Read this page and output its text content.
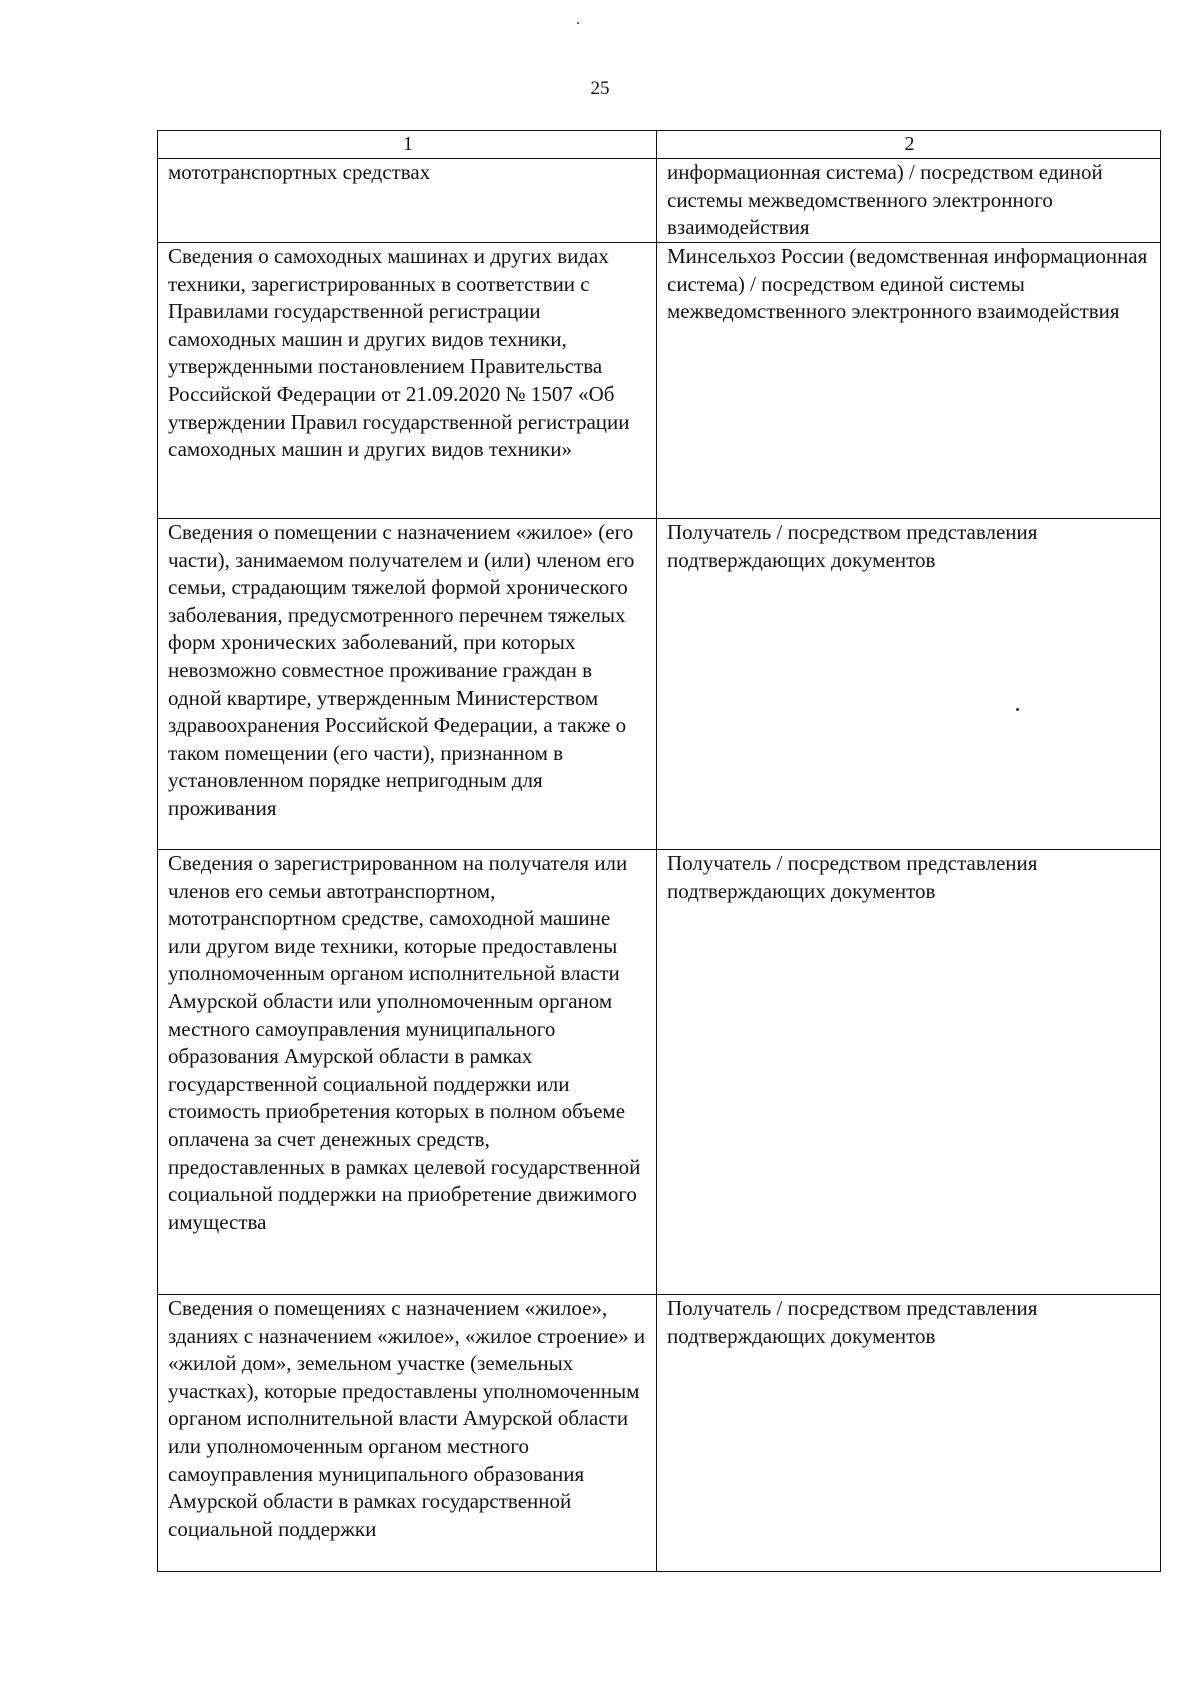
25
1	2
мототранспортных средствах	информационная система) / посредством единой системы межведомственного электронного взаимодействия
Сведения о самоходных машинах и других видах техники, зарегистрированных в соответствии с Правилами государственной регистрации самоходных машин и других видов техники, утвержденными постановлением Правительства Российской Федерации от 21.09.2020 № 1507 «Об утверждении Правил государственной регистрации самоходных машин и других видов техники»	Минсельхоз России (ведомственная информационная система) / посредством единой системы межведомственного электронного взаимодействия
Сведения о помещении с назначением «жилое» (его части), занимаемом получателем и (или) членом его семьи, страдающим тяжелой формой хронического заболевания, предусмотренного перечнем тяжелых форм хронических заболеваний, при которых невозможно совместное проживание граждан в одной квартире, утвержденным Министерством здравоохранения Российской Федерации, а также о таком помещении (его части), признанном в установленном порядке непригодным для проживания	Получатель / посредством представления подтверждающих документов
Сведения о зарегистрированном на получателя или членов его семьи автотранспортном, мототранспортном средстве, самоходной машине или другом виде техники, которые предоставлены уполномоченным органом исполнительной власти Амурской области или уполномоченным органом местного самоуправления муниципального образования Амурской области в рамках государственной социальной поддержки или стоимость приобретения которых в полном объеме оплачена за счет денежных средств, предоставленных в рамках целевой государственной социальной поддержки на приобретение движимого имущества	Получатель / посредством представления подтверждающих документов
Сведения о помещениях с назначением «жилое», зданиях с назначением «жилое», «жилое строение» и «жилой дом», земельном участке (земельных участках), которые предоставлены уполномоченным органом исполнительной власти Амурской области или уполномоченным органом местного самоуправления муниципального образования Амурской области в рамках государственной социальной поддержки	Получатель / посредством представления подтверждающих документов
